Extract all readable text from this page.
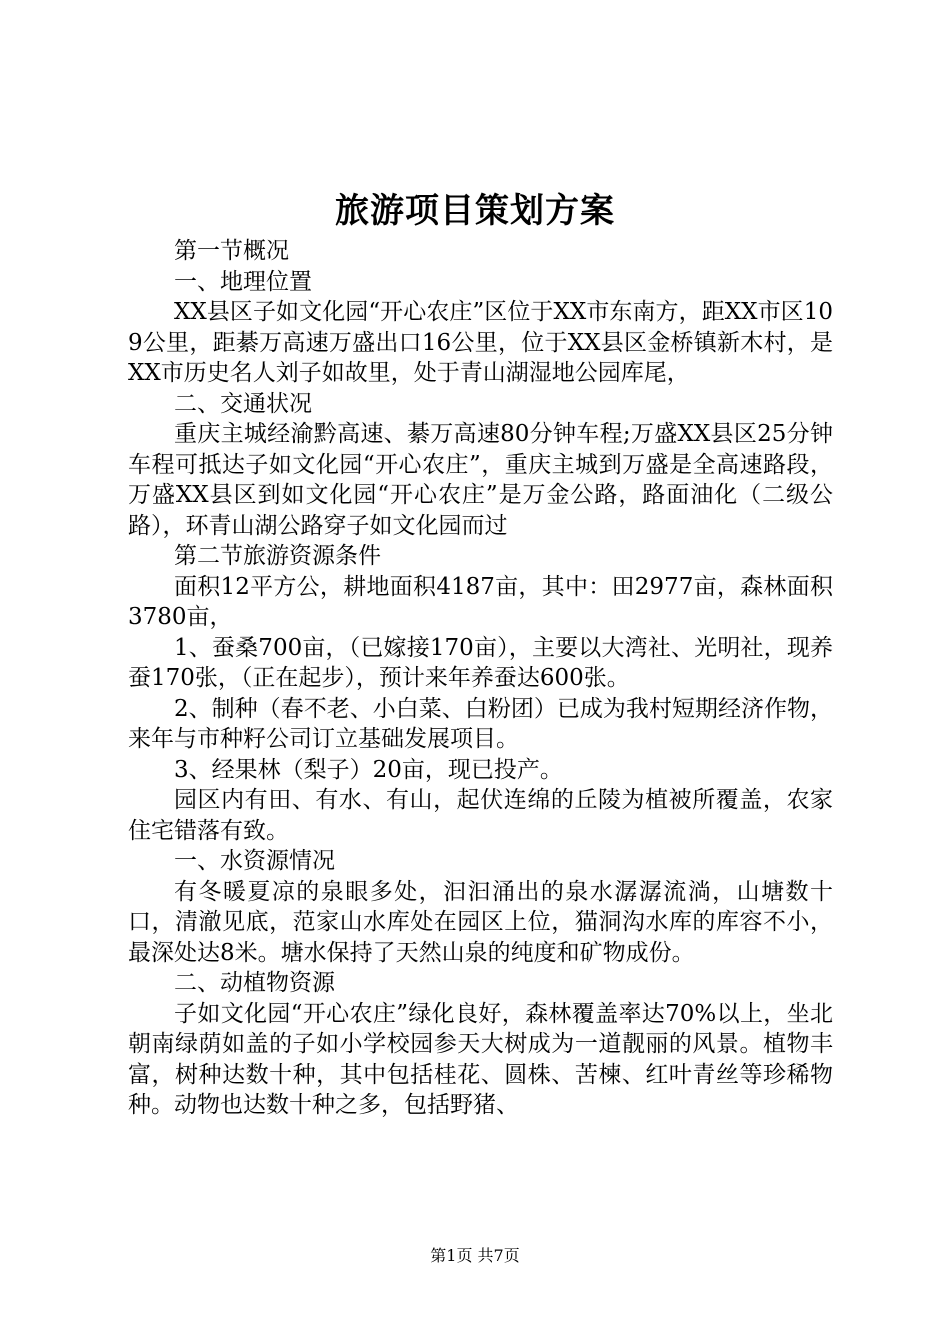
旅游项目策划方案

第一节概况

一、地理位置

XX县区子如文化园“开心农庄”区位于XX市东南方，距XX市区109公里，距綦万高速万盛出口16公里，位于XX县区金桥镇新木村，是XX市历史名人刘子如故里，处于青山湖湿地公园库尾，

二、交通状况

重庆主城经渝黔高速、綦万高速80分钟车程;万盛XX县区25分钟车程可抵达子如文化园“开心农庄”，重庆主城到万盛是全高速路段，万盛XX县区到如文化园“开心农庄”是万金公路，路面油化（二级公路），环青山湖公路穿子如文化园而过

第二节旅游资源条件

面积12平方公，耕地面积4187亩，其中：田2977亩，森林面积3780亩，

1、蚕桑700亩，（已嫁接170亩），主要以大湾社、光明社，现养蚕170张，（正在起步），预计来年养蚕达600张。

2、制种（春不老、小白菜、白粉团）已成为我村短期经济作物，来年与市种籽公司订立基础发展项目。

3、经果林（梨子）20亩，现已投产。

园区内有田、有水、有山，起伏连绵的丘陵为植被所覆盖，农家住宅错落有致。

一、水资源情况

有冬暖夏凉的泉眼多处，汩汩涌出的泉水潺潺流淌，山塘数十口，清澈见底，范家山水库处在园区上位，猫洞沟水库的库容不小，最深处达8米。塘水保持了天然山泉的纯度和矿物成份。

二、动植物资源

子如文化园“开心农庄”绿化良好，森林覆盖率达70%以上，坐北朝南绿荫如盖的子如小学校园参天大树成为一道靓丽的风景。植物丰富，树种达数十种，其中包括桂花、圆株、苦楝、红叶青丝等珍稀物种。动物也达数十种之多，包括野猪、

第1页 共7页
